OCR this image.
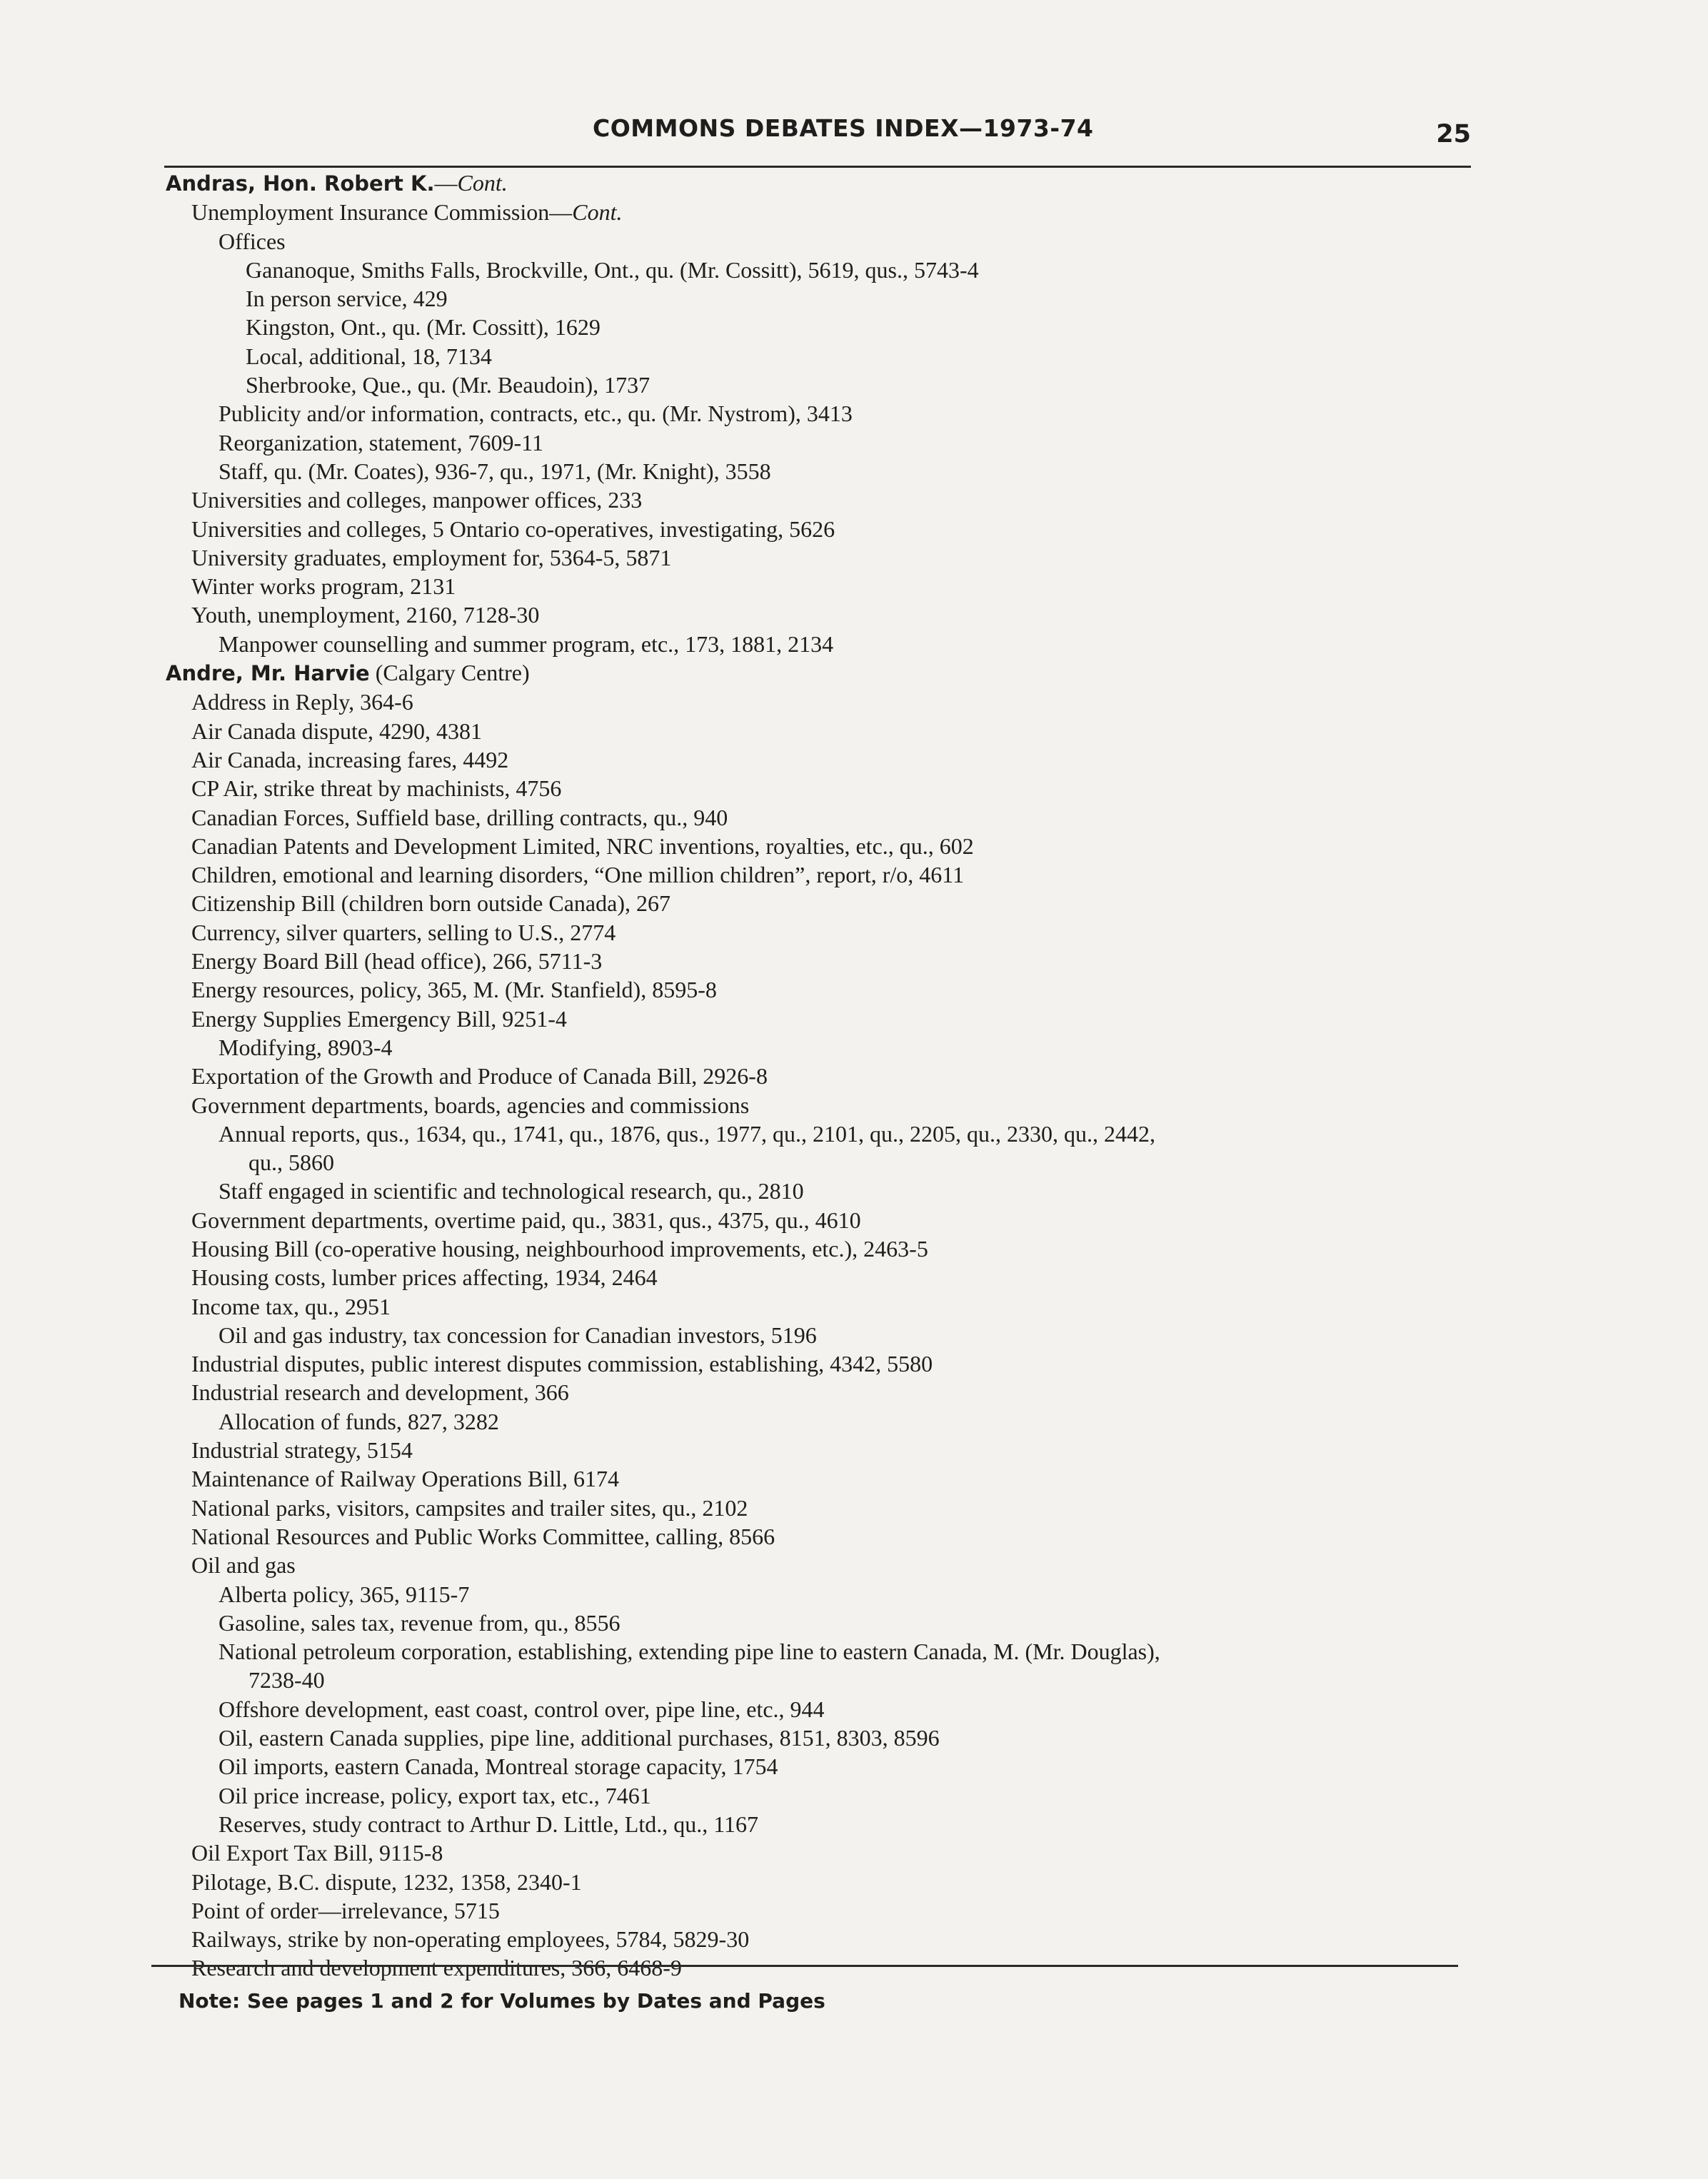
COMMONS DEBATES INDEX—1973-74	25
Andras, Hon. Robert K.—Cont.
Unemployment Insurance Commission—Cont.
Offices
Gananoque, Smiths Falls, Brockville, Ont., qu. (Mr. Cossitt), 5619, qus., 5743-4
In person service, 429
Kingston, Ont., qu. (Mr. Cossitt), 1629
Local, additional, 18, 7134
Sherbrooke, Que., qu. (Mr. Beaudoin), 1737
Publicity and/or information, contracts, etc., qu. (Mr. Nystrom), 3413
Reorganization, statement, 7609-11
Staff, qu. (Mr. Coates), 936-7, qu., 1971, (Mr. Knight), 3558
Universities and colleges, manpower offices, 233
Universities and colleges, 5 Ontario co-operatives, investigating, 5626
University graduates, employment for, 5364-5, 5871
Winter works program, 2131
Youth, unemployment, 2160, 7128-30
Manpower counselling and summer program, etc., 173, 1881, 2134
Andre, Mr. Harvie (Calgary Centre)
Address in Reply, 364-6
Air Canada dispute, 4290, 4381
Air Canada, increasing fares, 4492
CP Air, strike threat by machinists, 4756
Canadian Forces, Suffield base, drilling contracts, qu., 940
Canadian Patents and Development Limited, NRC inventions, royalties, etc., qu., 602
Children, emotional and learning disorders, “One million children”, report, r/o, 4611
Citizenship Bill (children born outside Canada), 267
Currency, silver quarters, selling to U.S., 2774
Energy Board Bill (head office), 266, 5711-3
Energy resources, policy, 365, M. (Mr. Stanfield), 8595-8
Energy Supplies Emergency Bill, 9251-4
Modifying, 8903-4
Exportation of the Growth and Produce of Canada Bill, 2926-8
Government departments, boards, agencies and commissions
Annual reports, qus., 1634, qu., 1741, qu., 1876, qus., 1977, qu., 2101, qu., 2205, qu., 2330, qu., 2442,
qu., 5860
Staff engaged in scientific and technological research, qu., 2810
Government departments, overtime paid, qu., 3831, qus., 4375, qu., 4610
Housing Bill (co-operative housing, neighbourhood improvements, etc.), 2463-5
Housing costs, lumber prices affecting, 1934, 2464
Income tax, qu., 2951
Oil and gas industry, tax concession for Canadian investors, 5196
Industrial disputes, public interest disputes commission, establishing, 4342, 5580
Industrial research and development, 366
Allocation of funds, 827, 3282
Industrial strategy, 5154
Maintenance of Railway Operations Bill, 6174
National parks, visitors, campsites and trailer sites, qu., 2102
National Resources and Public Works Committee, calling, 8566
Oil and gas
Alberta policy, 365, 9115-7
Gasoline, sales tax, revenue from, qu., 8556
National petroleum corporation, establishing, extending pipe line to eastern Canada, M. (Mr. Douglas),
7238-40
Offshore development, east coast, control over, pipe line, etc., 944
Oil, eastern Canada supplies, pipe line, additional purchases, 8151, 8303, 8596
Oil imports, eastern Canada, Montreal storage capacity, 1754
Oil price increase, policy, export tax, etc., 7461
Reserves, study contract to Arthur D. Little, Ltd., qu., 1167
Oil Export Tax Bill, 9115-8
Pilotage, B.C. dispute, 1232, 1358, 2340-1
Point of order—irrelevance, 5715
Railways, strike by non-operating employees, 5784, 5829-30
Research and development expenditures, 366, 6468-9
Note: See pages 1 and 2 for Volumes by Dates and Pages
